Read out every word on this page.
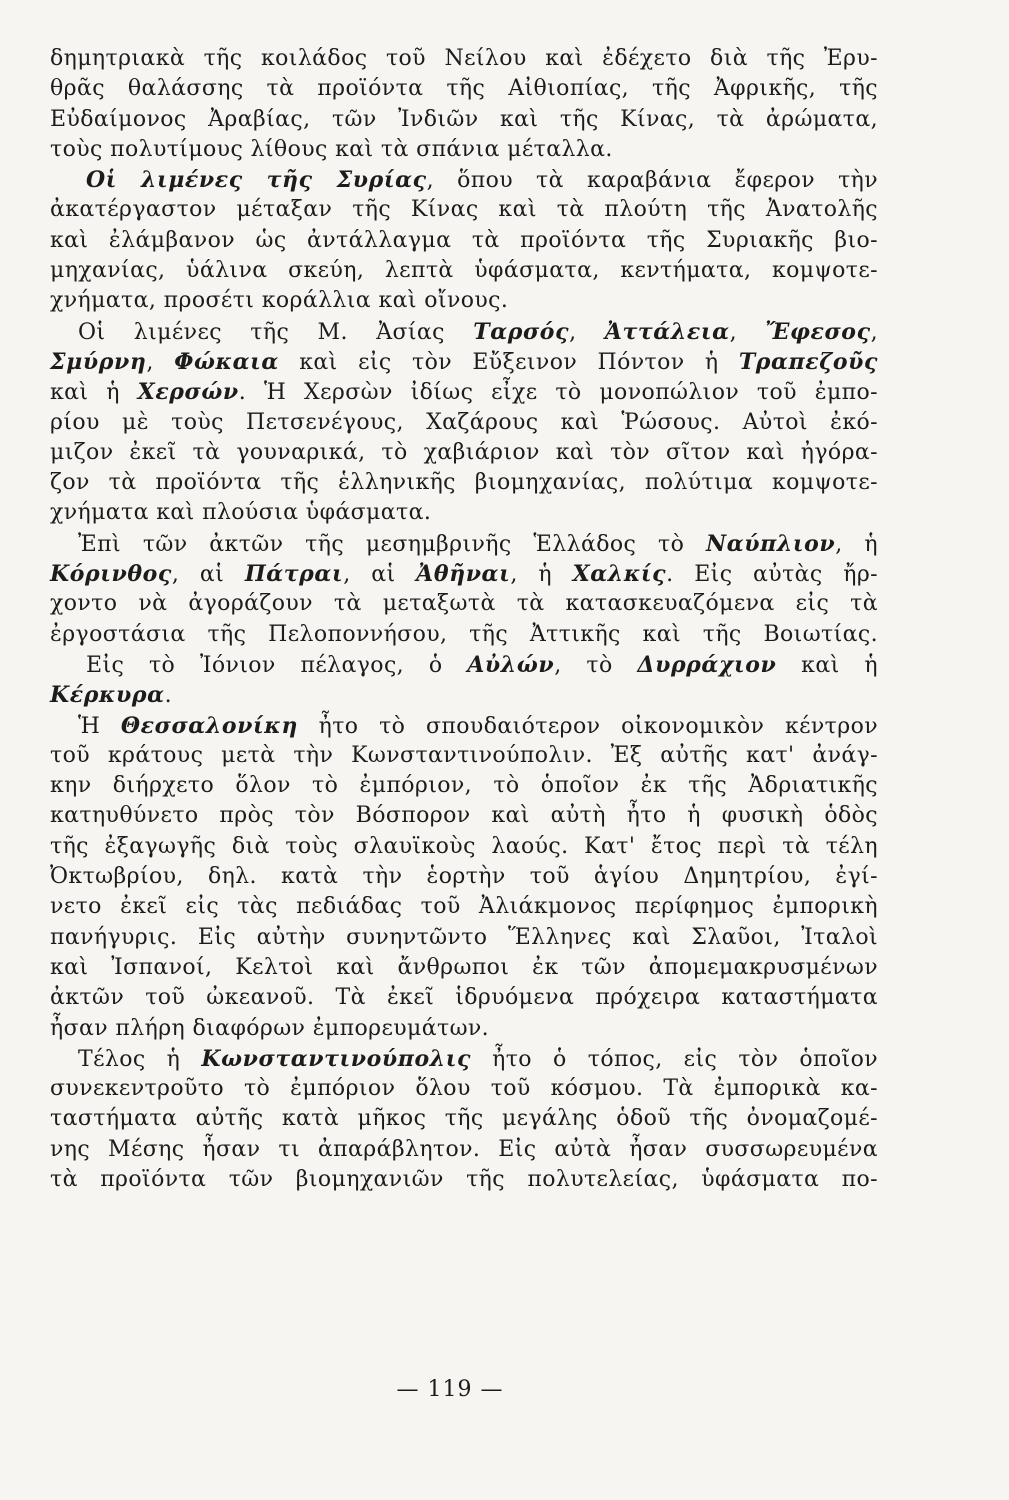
δημητριακὰ τῆς κοιλάδος τοῦ Νείλου καὶ ἐδέχετο διὰ τῆς Ἐρυ-
θρᾶς θαλάσσης τὰ προϊόντα τῆς Αἰθιοπίας, τῆς Ἀφρικῆς, τῆς
Εὐδαίμονος Ἀραβίας, τῶν Ἰνδιῶν καὶ τῆς Κίνας, τὰ ἀρώματα,
τοὺς πολυτίμους λίθους καὶ τὰ σπάνια μέταλλα.
Οἱ λιμένες τῆς Συρίας, ὅπου τὰ καραβάνια ἔφερον τὴν
ἀκατέργαστον μέταξαν τῆς Κίνας καὶ τὰ πλούτη τῆς Ἀνατολῆς
καὶ ἐλάμβανον ὡς ἀντάλλαγμα τὰ προϊόντα τῆς Συριακῆς βιο-
μηχανίας, ὑάλινα σκεύη, λεπτὰ ὑφάσματα, κεντήματα, κομψοτε-
χνήματα, προσέτι κοράλλια καὶ οἴνους.
Οἱ λιμένες τῆς Μ. Ἀσίας Ταρσός, Ἀττάλεια, Ἔφεσος,
Σμύρνη, Φώκαια καὶ εἰς τὸν Εὔξεινον Πόντον ἡ Τραπεζοῦς
καὶ ἡ Χερσών. Ἡ Χερσὼν ἰδίως εἶχε τὸ μονοπώλιον τοῦ ἐμπο-
ρίου μὲ τοὺς Πετσενέγους, Χαζάρους καὶ Ῥώσους. Αὐτοὶ ἐκό-
μιζον ἐκεῖ τὰ γουναρικά, τὸ χαβιάριον καὶ τὸν σῖτον καὶ ἠγόρα-
ζον τὰ προϊόντα τῆς ἑλληνικῆς βιομηχανίας, πολύτιμα κομψοτε-
χνήματα καὶ πλούσια ὑφάσματα.
Ἐπὶ τῶν ἀκτῶν τῆς μεσημβρινῆς Ἑλλάδος τὸ Ναύπλιον, ἡ
Κόρινθος, αἱ Πάτραι, αἱ Ἀθῆναι, ἡ Χαλκίς. Εἰς αὐτὰς ἤρ-
χοντο νὰ ἀγοράζουν τὰ μεταξωτὰ τὰ κατασκευαζόμενα εἰς τὰ
ἐργοστάσια τῆς Πελοποννήσου, τῆς Ἀττικῆς καὶ τῆς Βοιωτίας.
Εἰς τὸ Ἰόνιον πέλαγος, ὁ Αὐλών, τὸ Δυρράχιον καὶ ἡ
Κέρκυρα.
Ἡ Θεσσαλονίκη ἦτο τὸ σπουδαιότερον οἰκονομικὸν κέντρον
τοῦ κράτους μετὰ τὴν Κωνσταντινούπολιν. Ἐξ αὐτῆς κατ' ἀνάγ-
κην διήρχετο ὅλον τὸ ἐμπόριον, τὸ ὁποῖον ἐκ τῆς Ἀδριατικῆς
κατηυθύνετο πρὸς τὸν Βόσπορον καὶ αὐτὴ ἦτο ἡ φυσικὴ ὁδὸς
τῆς ἐξαγωγῆς διὰ τοὺς σλαυϊκοὺς λαούς. Κατ' ἔτος περὶ τὰ τέλη
Ὀκτωβρίου, δηλ. κατὰ τὴν ἑορτὴν τοῦ ἁγίου Δημητρίου, ἐγί-
νετο ἐκεῖ εἰς τὰς πεδιάδας τοῦ Ἀλιάκμονος περίφημος ἐμπορικὴ
πανήγυρις. Εἰς αὐτὴν συνηντῶντο Ἕλληνες καὶ Σλαῦοι, Ἰταλοὶ
καὶ Ἰσπανοί, Κελτοὶ καὶ ἄνθρωποι ἐκ τῶν ἀπομεμακρυσμένων
ἀκτῶν τοῦ ὠκεανοῦ. Τὰ ἐκεῖ ἱδρυόμενα πρόχειρα καταστήματα
ἦσαν πλήρη διαφόρων ἐμπορευμάτων.
Τέλος ἡ Κωνσταντινούπολις ἦτο ὁ τόπος, εἰς τὸν ὁποῖον
συνεκεντροῦτο τὸ ἐμπόριον ὅλου τοῦ κόσμου. Τὰ ἐμπορικὰ κα-
ταστήματα αὐτῆς κατὰ μῆκος τῆς μεγάλης ὁδοῦ τῆς ὀνομαζομέ-
νης Μέσης ἦσαν τι ἀπαράβλητον. Εἰς αὐτὰ ἦσαν συσσωρευμένα
τὰ προϊόντα τῶν βιομηχανιῶν τῆς πολυτελείας, ὑφάσματα πο-
— 119 —
